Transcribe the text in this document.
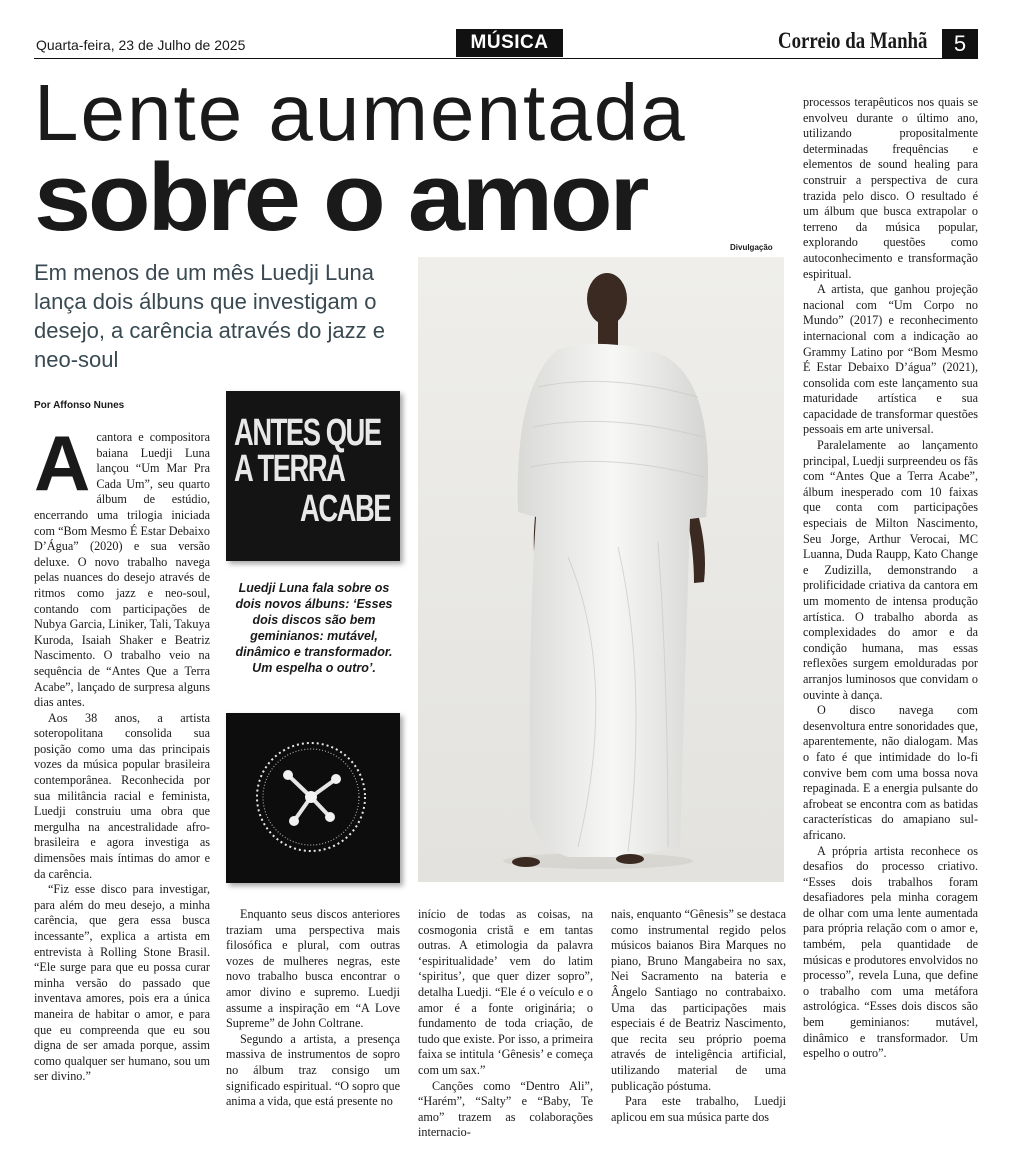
Quarta-feira, 23 de Julho de 2025	MÚSICA	Correio da Manhã	5
Lente aumentada
sobre o amor
Em menos de um mês Luedji Luna lança dois álbuns que investigam o desejo, a carência através do jazz e neo-soul
Por Affonso Nunes
Divulgação

Acantora e compositora baiana Luedji Luna lançou “Um Mar Pra Cada Um”, seu quarto álbum de estúdio, encerrando uma trilogia iniciada com “Bom Mesmo É Estar Debaixo D’Água” (2020) e sua versão deluxe. O novo trabalho navega pelas nuances do desejo através de ritmos como jazz e neo-soul, contando com participações de Nubya Garcia, Liniker, Tali, Takuya Kuroda, Isaiah Shaker e Beatriz Nascimento. O trabalho veio na sequência de “Antes Que a Terra Acabe”, lançado de surpresa alguns dias antes.

Aos 38 anos, a artista soteropolitana consolida sua posição como uma das principais vozes da música popular brasileira contemporânea. Reconhecida por sua militância racial e feminista, Luedji construiu uma obra que mergulha na ancestralidade afro-brasileira e agora investiga as dimensões mais íntimas do amor e da carência.

“Fiz esse disco para investigar, para além do meu desejo, a minha carência, que gera essa busca incessante”, explica a artista em entrevista à Rolling Stone Brasil. “Ele surge para que eu possa curar minha versão do passado que inventava amores, pois era a única maneira de habitar o amor, e para que eu compreenda que eu sou digna de ser amada porque, assim como qualquer ser humano, sou um ser divino.”

ANTES QUE
A TERRA
ACABE
Luedji Luna fala sobre os dois novos álbuns: ‘Esses dois discos são bem geminianos: mutável, dinâmico e transformador. Um espelha o outro’.

Enquanto seus discos anteriores traziam uma perspectiva mais filosófica e plural, com outras vozes de mulheres negras, este novo trabalho busca encontrar o amor divino e supremo. Luedji assume a inspiração em “A Love Supreme” de John Coltrane.

Segundo a artista, a presença massiva de instrumentos de sopro no álbum traz consigo um significado espiritual. “O sopro que anima a vida, que está presente no

início de todas as coisas, na cosmogonia cristã e em tantas outras. A etimologia da palavra ‘espiritualidade’ vem do latim ‘spiritus’, que quer dizer sopro”, detalha Luedji. “Ele é o veículo e o amor é a fonte originária; o fundamento de toda criação, de tudo que existe. Por isso, a primeira faixa se intitula ‘Gênesis’ e começa com um sax.”

Canções como “Dentro Ali”, “Harém”, “Salty” e “Baby, Te amo” trazem as colaborações internacio-

nais, enquanto “Gênesis” se destaca como instrumental regido pelos músicos baianos Bira Marques no piano, Bruno Mangabeira no sax, Nei Sacramento na bateria e Ângelo Santiago no contrabaixo. Uma das participações mais especiais é de Beatriz Nascimento, que recita seu próprio poema através de inteligência artificial, utilizando material de uma publicação póstuma.

Para este trabalho, Luedji aplicou em sua música parte dos

processos terapêuticos nos quais se envolveu durante o último ano, utilizando propositalmente determinadas frequências e elementos de sound healing para construir a perspectiva de cura trazida pelo disco. O resultado é um álbum que busca extrapolar o terreno da música popular, explorando questões como autoconhecimento e transformação espiritual.

A artista, que ganhou projeção nacional com “Um Corpo no Mundo” (2017) e reconhecimento internacional com a indicação ao Grammy Latino por “Bom Mesmo É Estar Debaixo D’água” (2021), consolida com este lançamento sua maturidade artística e sua capacidade de transformar questões pessoais em arte universal.

Paralelamente ao lançamento principal, Luedji surpreendeu os fãs com “Antes Que a Terra Acabe”, álbum inesperado com 10 faixas que conta com participações especiais de Milton Nascimento, Seu Jorge, Arthur Verocai, MC Luanna, Duda Raupp, Kato Change e Zudizilla, demonstrando a prolificidade criativa da cantora em um momento de intensa produção artística. O trabalho aborda as complexidades do amor e da condição humana, mas essas reflexões surgem emolduradas por arranjos luminosos que convidam o ouvinte à dança.

O disco navega com desenvoltura entre sonoridades que, aparentemente, não dialogam. Mas o fato é que intimidade do lo-fi convive bem com uma bossa nova repaginada. E a energia pulsante do afrobeat se encontra com as batidas características do amapiano sul-africano.

A própria artista reconhece os desafios do processo criativo. “Esses dois trabalhos foram desafiadores pela minha coragem de olhar com uma lente aumentada para própria relação com o amor e, também, pela quantidade de músicas e produtores envolvidos no processo”, revela Luna, que define o trabalho com uma metáfora astrológica. “Esses dois discos são bem geminianos: mutável, dinâmico e transformador. Um espelho o outro”.
